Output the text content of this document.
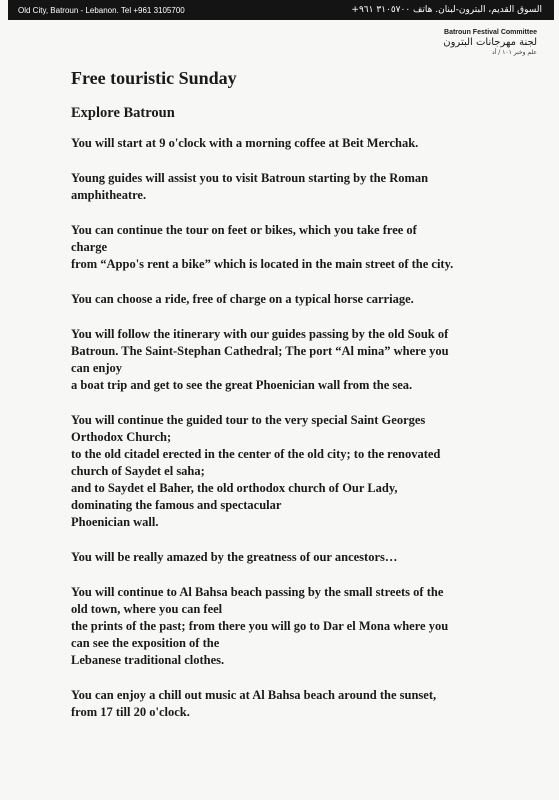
Old City, Batroun - Lebanon. Tel +961 3105700	السوق القديم، البترون-لبنان. هاتف ٣١٠٥٧٠٠ ٩٦١+
Batroun Festival Committee
لجنة مهرجانات البترون
علم وخبر ١٠١ / أد
Free touristic Sunday
Explore Batroun

You will start at 9 o'clock with a morning coffee at Beit Merchak.

Young guides will assist you to visit Batroun starting by the Roman
amphitheatre.

You can continue the tour on feet or bikes, which you take free of
charge
from “Appo's rent a bike” which is located in the main street of the city.

You can choose a ride, free of charge on a typical horse carriage.

You will follow the itinerary with our guides passing by the old Souk of
Batroun. The Saint-Stephan Cathedral; The port “Al mina” where you
can enjoy
a boat trip and get to see the great Phoenician wall from the sea.

You will continue the guided tour to the very special Saint Georges
Orthodox Church;
to the old citadel erected in the center of the old city; to the renovated
church of Saydet el saha;
and to Saydet el Baher, the old orthodox church of Our Lady,
dominating the famous and spectacular
Phoenician wall.

You will be really amazed by the greatness of our ancestors…

You will continue to Al Bahsa beach passing by the small streets of the
old town, where you can feel
the prints of the past; from there you will go to Dar el Mona where you
can see the exposition of the
Lebanese traditional clothes.

You can enjoy a chill out music at Al Bahsa beach around the sunset,
from 17 till 20 o'clock.
